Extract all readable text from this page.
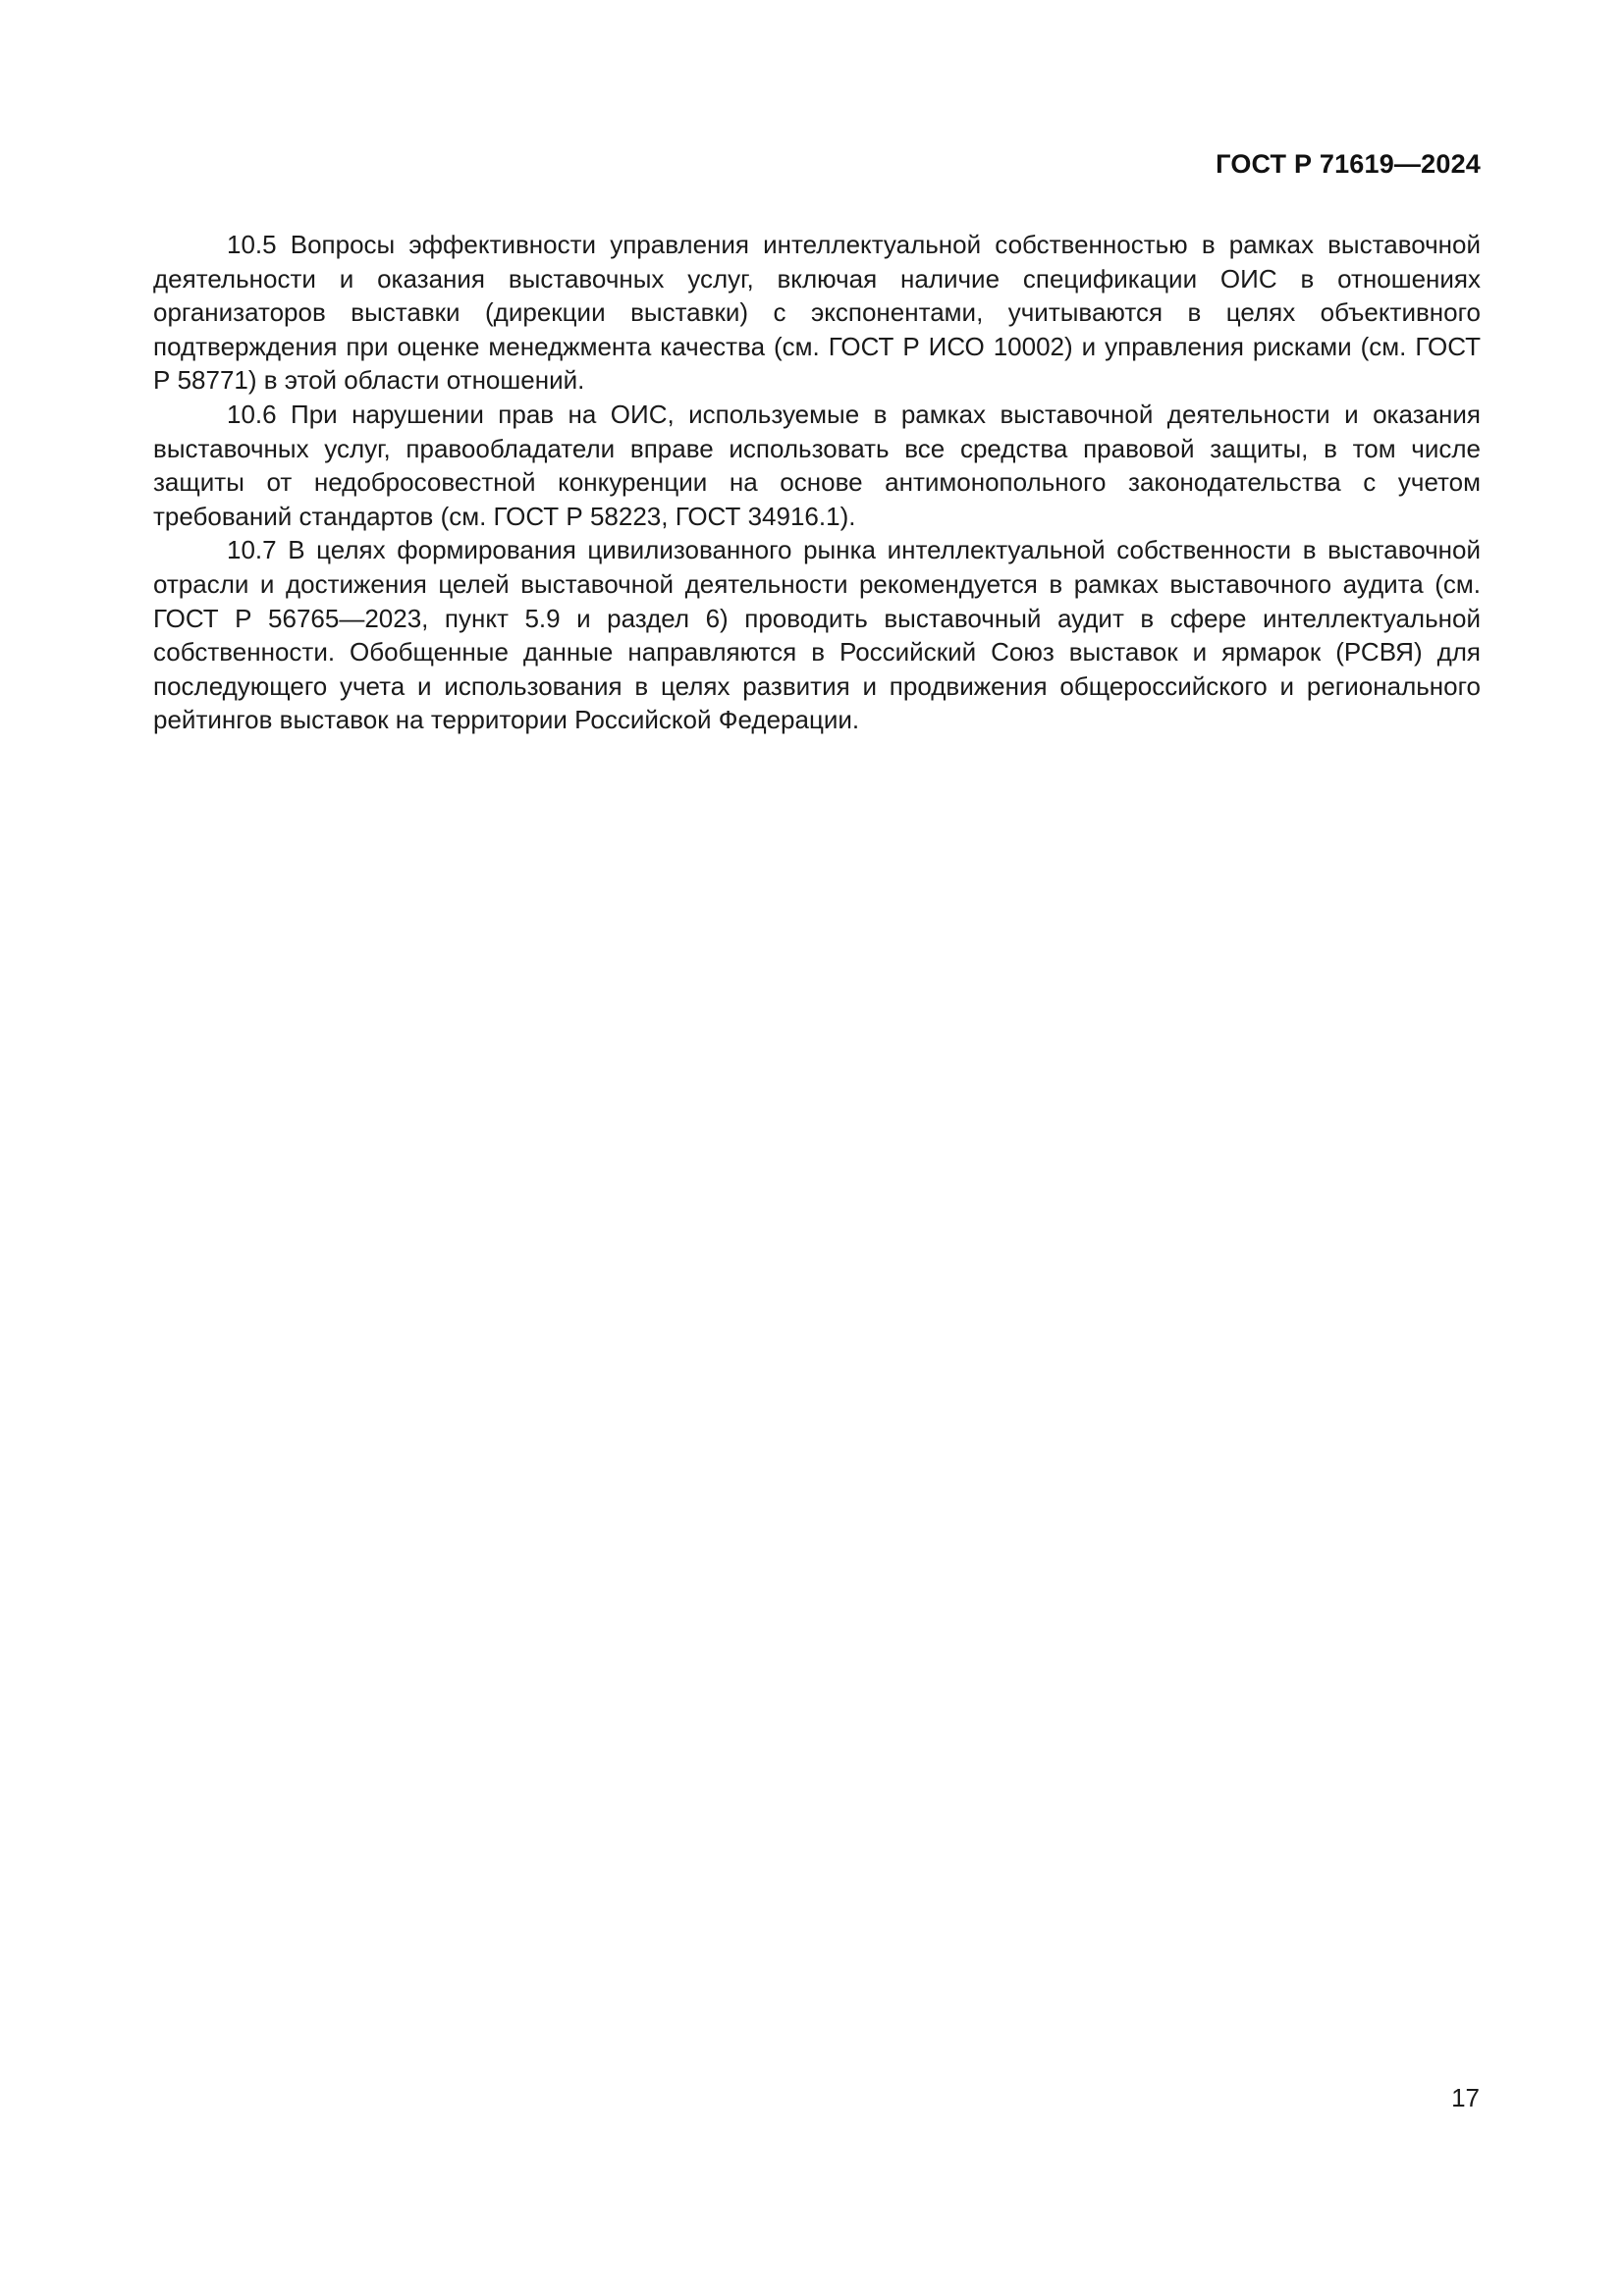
ГОСТ Р 71619—2024

10.5 Вопросы эффективности управления интеллектуальной собственностью в рамках выставочной деятельности и оказания выставочных услуг, включая наличие спецификации ОИС в отношениях организаторов выставки (дирекции выставки) с экспонентами, учитываются в целях объективного подтверждения при оценке менеджмента качества (см. ГОСТ Р ИСО 10002) и управления рисками (см. ГОСТ Р 58771) в этой области отношений.

10.6 При нарушении прав на ОИС, используемые в рамках выставочной деятельности и оказания выставочных услуг, правообладатели вправе использовать все средства правовой защиты, в том числе защиты от недобросовестной конкуренции на основе антимонопольного законодательства с учетом требований стандартов (см. ГОСТ Р 58223, ГОСТ 34916.1).

10.7 В целях формирования цивилизованного рынка интеллектуальной собственности в выставочной отрасли и достижения целей выставочной деятельности рекомендуется в рамках выставочного аудита (см. ГОСТ Р 56765—2023, пункт 5.9 и раздел 6) проводить выставочный аудит в сфере интеллектуальной собственности. Обобщенные данные направляются в Российский Союз выставок и ярмарок (РСВЯ) для последующего учета и использования в целях развития и продвижения общероссийского и регионального рейтингов выставок на территории Российской Федерации.

17
